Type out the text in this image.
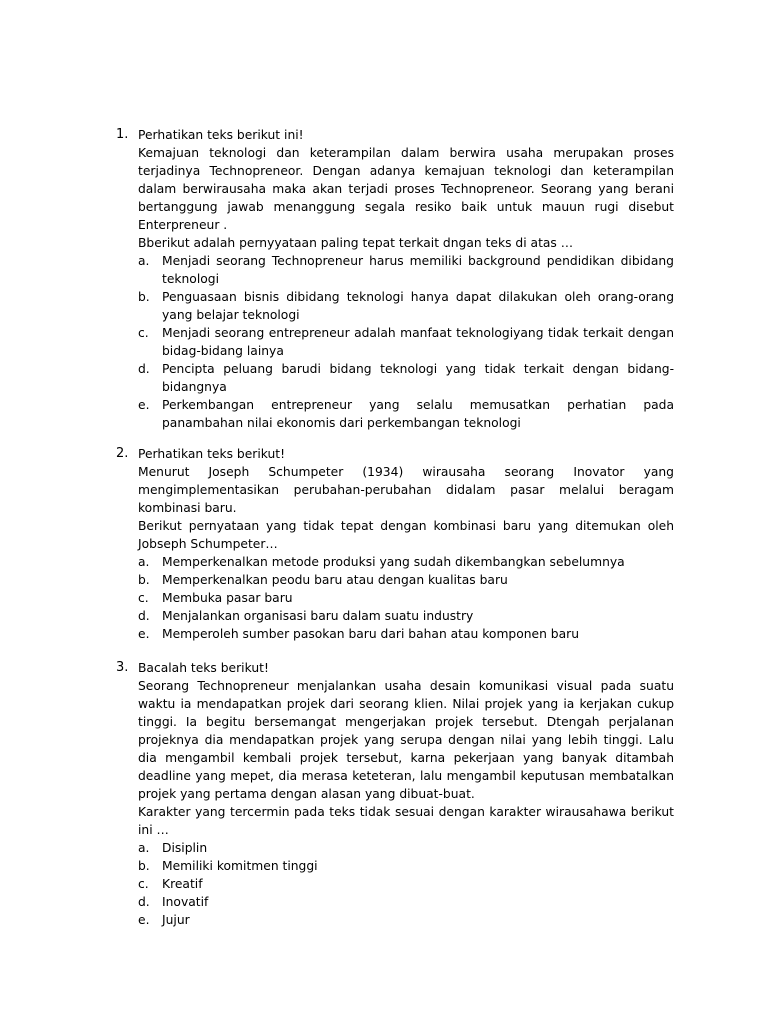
1. Perhatikan teks berikut ini!
Kemajuan teknologi dan keterampilan dalam berwira usaha merupakan proses terjadinya Technopreneor. Dengan adanya kemajuan teknologi dan keterampilan dalam berwirausaha maka akan terjadi proses Technopreneor. Seorang yang berani bertanggung jawab menanggung segala resiko baik untuk mauun rugi disebut Enterpreneur .
Bberikut adalah pernyyataan paling tepat terkait dngan teks di atas …
a. Menjadi seorang Technopreneur harus memiliki background pendidikan dibidang teknologi
b. Penguasaan bisnis dibidang teknologi hanya dapat dilakukan oleh orang-orang yang belajar teknologi
c. Menjadi seorang entrepreneur adalah manfaat teknologiyang tidak terkait dengan bidag-bidang lainya
d. Pencipta peluang barudi bidang teknologi yang tidak terkait dengan bidang-bidangnya
e. Perkembangan entrepreneur yang selalu memusatkan perhatian pada panambahan nilai ekonomis dari perkembangan teknologi
2. Perhatikan teks berikut!
Menurut Joseph Schumpeter (1934) wirausaha seorang Inovator yang mengimplementasikan perubahan-perubahan didalam pasar melalui beragam kombinasi baru.
Berikut pernyataan yang tidak tepat dengan kombinasi baru yang ditemukan oleh Jobseph Schumpeter…
a. Memperkenalkan metode produksi yang sudah dikembangkan sebelumnya
b. Memperkenalkan peodu baru atau dengan kualitas baru
c. Membuka pasar baru
d. Menjalankan organisasi baru dalam suatu industry
e. Memperoleh sumber pasokan baru dari bahan atau komponen baru
3. Bacalah teks berikut!
Seorang Technopreneur menjalankan usaha desain komunikasi visual pada suatu waktu ia mendapatkan projek dari seorang klien. Nilai projek yang ia kerjakan cukup tinggi. Ia begitu bersemangat mengerjakan projek tersebut. Dtengah perjalanan projeknya dia mendapatkan projek yang serupa dengan nilai yang lebih tinggi. Lalu dia mengambil kembali projek tersebut, karna pekerjaan yang banyak ditambah deadline yang mepet, dia merasa keteteran, lalu mengambil keputusan membatalkan projek yang pertama dengan alasan yang dibuat-buat.
Karakter yang tercermin pada teks tidak sesuai dengan karakter wirausahawa berikut ini …
a. Disiplin
b. Memiliki komitmen tinggi
c. Kreatif
d. Inovatif
e. Jujur
